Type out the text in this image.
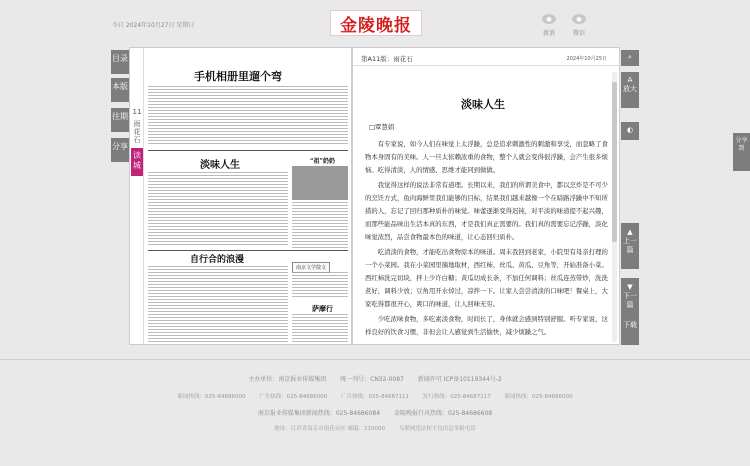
今日 2024年10月27日 星期日	金陵晚报	●
新浪
●
微信
目录
本版
往期
分享
11
雨花石
读城
手机相册里遛个弯
淡味人生	“祖”奶奶
自行合的浪漫
南京文学散文
萨摩行
第A11版：雨花石	2024年10月25日
淡味人生
□覃慧娟

有专家说，如今人们在味觉上太浮躁，总是追求刺激性的刺激和享受，而忽略了食物本身固有的美味。人一旦太依赖浓重的食物，整个人就会变得很浮躁，会产生很多烦恼。吃得清淡，人的情感、思维才能同到做做。

我觉得这样的说法非常有道理。长期以来，我们的所谓美食中，都以烹炸是不可少的烹饪方式，鱼肉海鲜里我们能够的目标，结果我们越来越像一个在暗路浮躁中不知所措的人，忘记了回归那种质朴的味觉。味蕾逐渐变得迟钝，对平淡的味道提不起兴趣，而那些能品味出生活本真的东西，才是我们真正需要的。我们真的需要忘记浮躁，淡化味觉浓烈，品尝食物最本色的味道，让心态回归质朴。

吃清淡的食物，才能吃出食物原本的味道。周末我回到老家，小院里有母亲打理的一个小菜园。我在小菜园里摘地取材，西红柿、丝瓜、黄瓜、豆角等，开始准备小菜。西红柿洗完切块，拌上少许白糖；黄瓜切成长条，不加任何调料；丝瓜连蒸带炒，洗洗煮好，调料少放；豆角用开水焯过，凉拌一下。让家人尝尝清淡的口味吧！餐桌上，大家吃得都很开心，爽口的味道，让人回味无穷。

少吃浓味食物，多吃素淡食物，时间长了，身体就会感到特别舒服。听专家说，这样良好的饮食习惯，非但会让人感觉到生活愉快，减少烦躁之气。

⌕
A
放大
◐
▲
上一篇
▼
下一篇
下载
分享到
主办单位：南京报业传媒集团 统一刊号：CN32-0087 新闻许可 ICP备10119344号-2
新闻热线：025-84686000	广告热线：025-84686000	广告热线：025-84687111	发行热线：025-84687117	新闻热线：025-84686000
南京报业传媒集团新闻热线：025-84686084 金陵晚报行风热线：025-84686608
地址：江苏省南京市雨花台区 邮编：210000	互联网违法和不良信息举报电话
